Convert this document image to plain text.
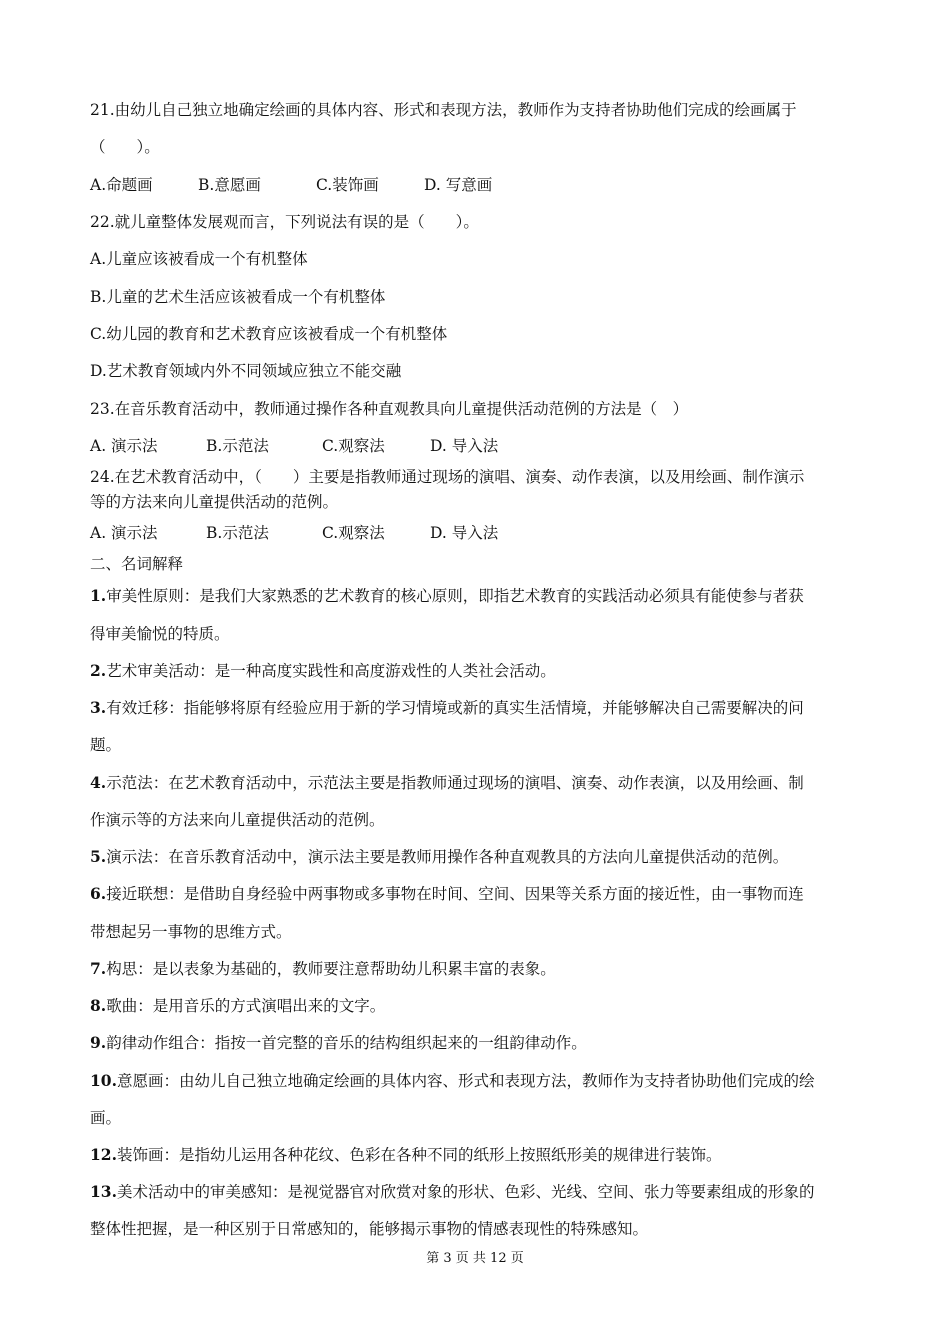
21.由幼儿自己独立地确定绘画的具体内容、形式和表现方法，教师作为支持者协助他们完成的绘画属于
（　　）。
A.命题画	B.意愿画	C.装饰画	D. 写意画
22.就儿童整体发展观而言，下列说法有误的是（　　）。
A.儿童应该被看成一个有机整体
B.儿童的艺术生活应该被看成一个有机整体
C.幼儿园的教育和艺术教育应该被看成一个有机整体
D.艺术教育领域内外不同领域应独立不能交融
23.在音乐教育活动中，教师通过操作各种直观教具向儿童提供活动范例的方法是（　）
A. 演示法	B.示范法	C.观察法	D. 导入法
24.在艺术教育活动中，（　　）主要是指教师通过现场的演唱、演奏、动作表演，以及用绘画、制作演示
等的方法来向儿童提供活动的范例。
A. 演示法	B.示范法	C.观察法	D. 导入法
二、名词解释
1.审美性原则：是我们大家熟悉的艺术教育的核心原则，即指艺术教育的实践活动必须具有能使参与者获
得审美愉悦的特质。
2.艺术审美活动：是一种高度实践性和高度游戏性的人类社会活动。
3.有效迁移：指能够将原有经验应用于新的学习情境或新的真实生活情境，并能够解决自己需要解决的问
题。
4.示范法：在艺术教育活动中，示范法主要是指教师通过现场的演唱、演奏、动作表演，以及用绘画、制
作演示等的方法来向儿童提供活动的范例。
5.演示法：在音乐教育活动中，演示法主要是教师用操作各种直观教具的方法向儿童提供活动的范例。
6.接近联想：是借助自身经验中两事物或多事物在时间、空间、因果等关系方面的接近性，由一事物而连
带想起另一事物的思维方式。
7.构思：是以表象为基础的，教师要注意帮助幼儿积累丰富的表象。
8.歌曲：是用音乐的方式演唱出来的文字。
9.韵律动作组合：指按一首完整的音乐的结构组织起来的一组韵律动作。
10.意愿画：由幼儿自己独立地确定绘画的具体内容、形式和表现方法，教师作为支持者协助他们完成的绘
画。
12.装饰画：是指幼儿运用各种花纹、色彩在各种不同的纸形上按照纸形美的规律进行装饰。
13.美术活动中的审美感知：是视觉器官对欣赏对象的形状、色彩、光线、空间、张力等要素组成的形象的
整体性把握，是一种区别于日常感知的，能够揭示事物的情感表现性的特殊感知。
第 3 页 共 12 页
